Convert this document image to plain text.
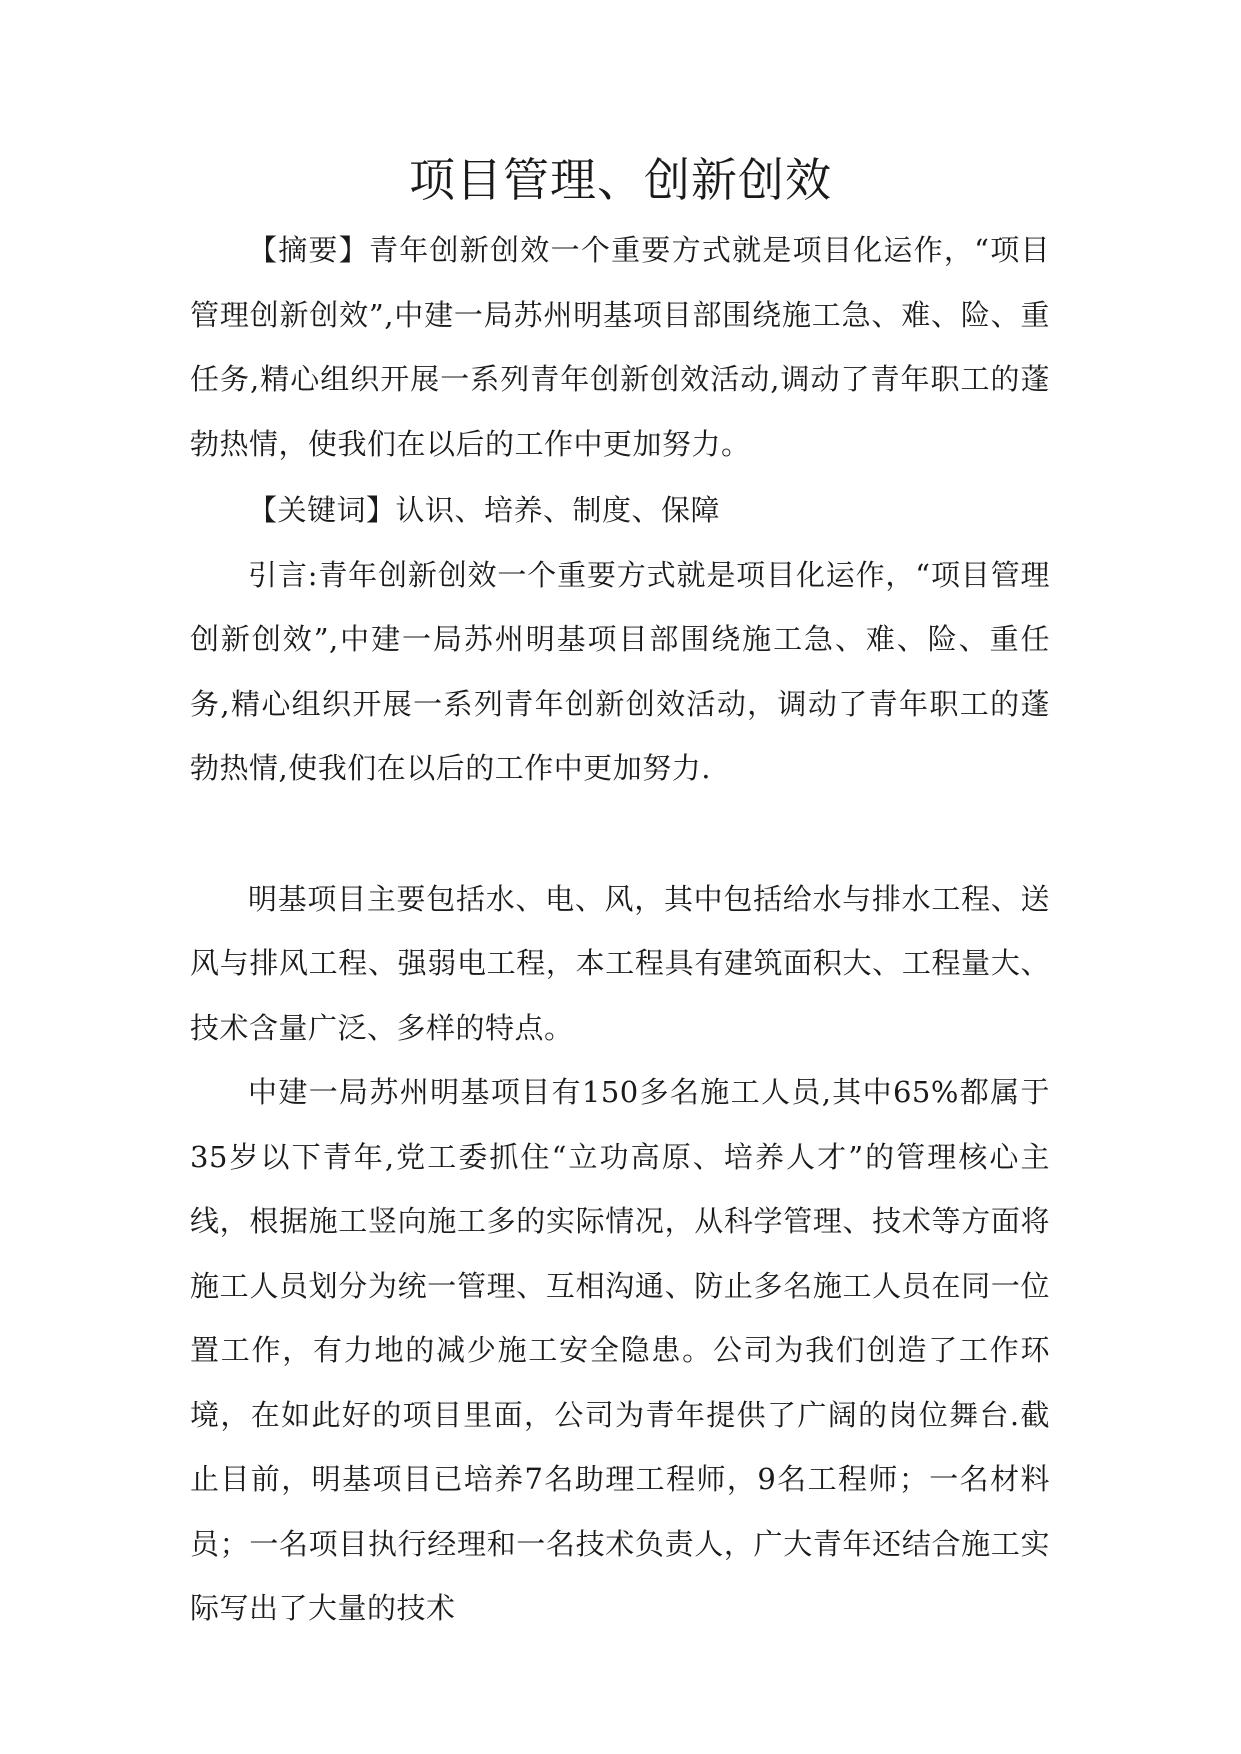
项目管理、创新创效

【摘要】青年创新创效一个重要方式就是项目化运作，“项目管理创新创效”,中建一局苏州明基项目部围绕施工急、难、险、重任务,精心组织开展一系列青年创新创效活动,调动了青年职工的蓬勃热情，使我们在以后的工作中更加努力。

【关键词】认识、培养、制度、保障

引言:青年创新创效一个重要方式就是项目化运作，“项目管理创新创效”,中建一局苏州明基项目部围绕施工急、难、险、重任务,精心组织开展一系列青年创新创效活动，调动了青年职工的蓬勃热情,使我们在以后的工作中更加努力.

明基项目主要包括水、电、风，其中包括给水与排水工程、送风与排风工程、强弱电工程，本工程具有建筑面积大、工程量大、技术含量广泛、多样的特点。

中建一局苏州明基项目有150多名施工人员,其中65%都属于35岁以下青年,党工委抓住“立功高原、培养人才”的管理核心主线，根据施工竖向施工多的实际情况，从科学管理、技术等方面将施工人员划分为统一管理、互相沟通、防止多名施工人员在同一位置工作，有力地的减少施工安全隐患。公司为我们创造了工作环境，在如此好的项目里面，公司为青年提供了广阔的岗位舞台.截止目前，明基项目已培养7名助理工程师，9名工程师；一名材料员；一名项目执行经理和一名技术负责人，广大青年还结合施工实际写出了大量的技术
